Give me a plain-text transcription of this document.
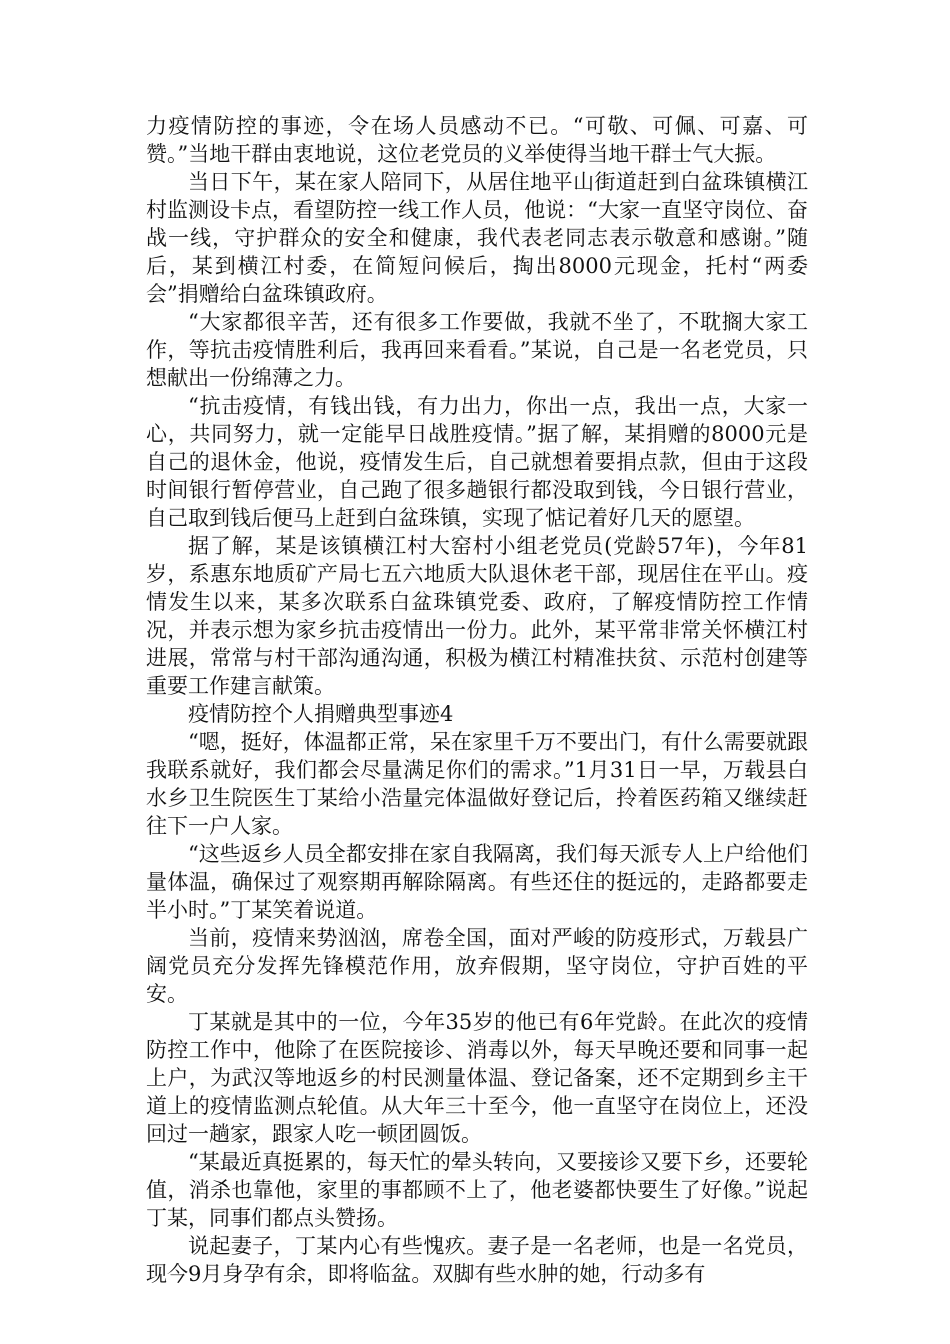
力疫情防控的事迹，令在场人员感动不已。“可敬、可佩、可嘉、可赞。”当地干群由衷地说，这位老党员的义举使得当地干群士气大振。

当日下午，某在家人陪同下，从居住地平山街道赶到白盆珠镇横江村监测设卡点，看望防控一线工作人员，他说：“大家一直坚守岗位、奋战一线，守护群众的安全和健康，我代表老同志表示敬意和感谢。”随后，某到横江村委，在简短问候后，掏出8000元现金，托村“两委会”捐赠给白盆珠镇政府。

“大家都很辛苦，还有很多工作要做，我就不坐了，不耽搁大家工作，等抗击疫情胜利后，我再回来看看。”某说，自己是一名老党员，只想献出一份绵薄之力。

“抗击疫情，有钱出钱，有力出力，你出一点，我出一点，大家一心，共同努力，就一定能早日战胜疫情。”据了解，某捐赠的8000元是自己的退休金，他说，疫情发生后，自己就想着要捐点款，但由于这段时间银行暂停营业，自己跑了很多趟银行都没取到钱，今日银行营业，自己取到钱后便马上赶到白盆珠镇，实现了惦记着好几天的愿望。

据了解，某是该镇横江村大窑村小组老党员(党龄57年)，今年81岁，系惠东地质矿产局七五六地质大队退休老干部，现居住在平山。疫情发生以来，某多次联系白盆珠镇党委、政府，了解疫情防控工作情况，并表示想为家乡抗击疫情出一份力。此外，某平常非常关怀横江村进展，常常与村干部沟通沟通，积极为横江村精准扶贫、示范村创建等重要工作建言献策。

疫情防控个人捐赠典型事迹4

“嗯，挺好，体温都正常，呆在家里千万不要出门，有什么需要就跟我联系就好，我们都会尽量满足你们的需求。”1月31日一早，万载县白水乡卫生院医生丁某给小浩量完体温做好登记后，拎着医药箱又继续赶往下一户人家。

“这些返乡人员全都安排在家自我隔离，我们每天派专人上户给他们量体温，确保过了观察期再解除隔离。有些还住的挺远的，走路都要走半小时。”丁某笑着说道。

当前，疫情来势汹汹，席卷全国，面对严峻的防疫形式，万载县广阔党员充分发挥先锋模范作用，放弃假期，坚守岗位，守护百姓的平安。

丁某就是其中的一位，今年35岁的他已有6年党龄。在此次的疫情防控工作中，他除了在医院接诊、消毒以外，每天早晚还要和同事一起上户，为武汉等地返乡的村民测量体温、登记备案，还不定期到乡主干道上的疫情监测点轮值。从大年三十至今，他一直坚守在岗位上，还没回过一趟家，跟家人吃一顿团圆饭。

“某最近真挺累的，每天忙的晕头转向，又要接诊又要下乡，还要轮值，消杀也靠他，家里的事都顾不上了，他老婆都快要生了好像。”说起丁某，同事们都点头赞扬。

说起妻子，丁某内心有些愧疚。妻子是一名老师，也是一名党员，现今9月身孕有余，即将临盆。双脚有些水肿的她，行动多有
